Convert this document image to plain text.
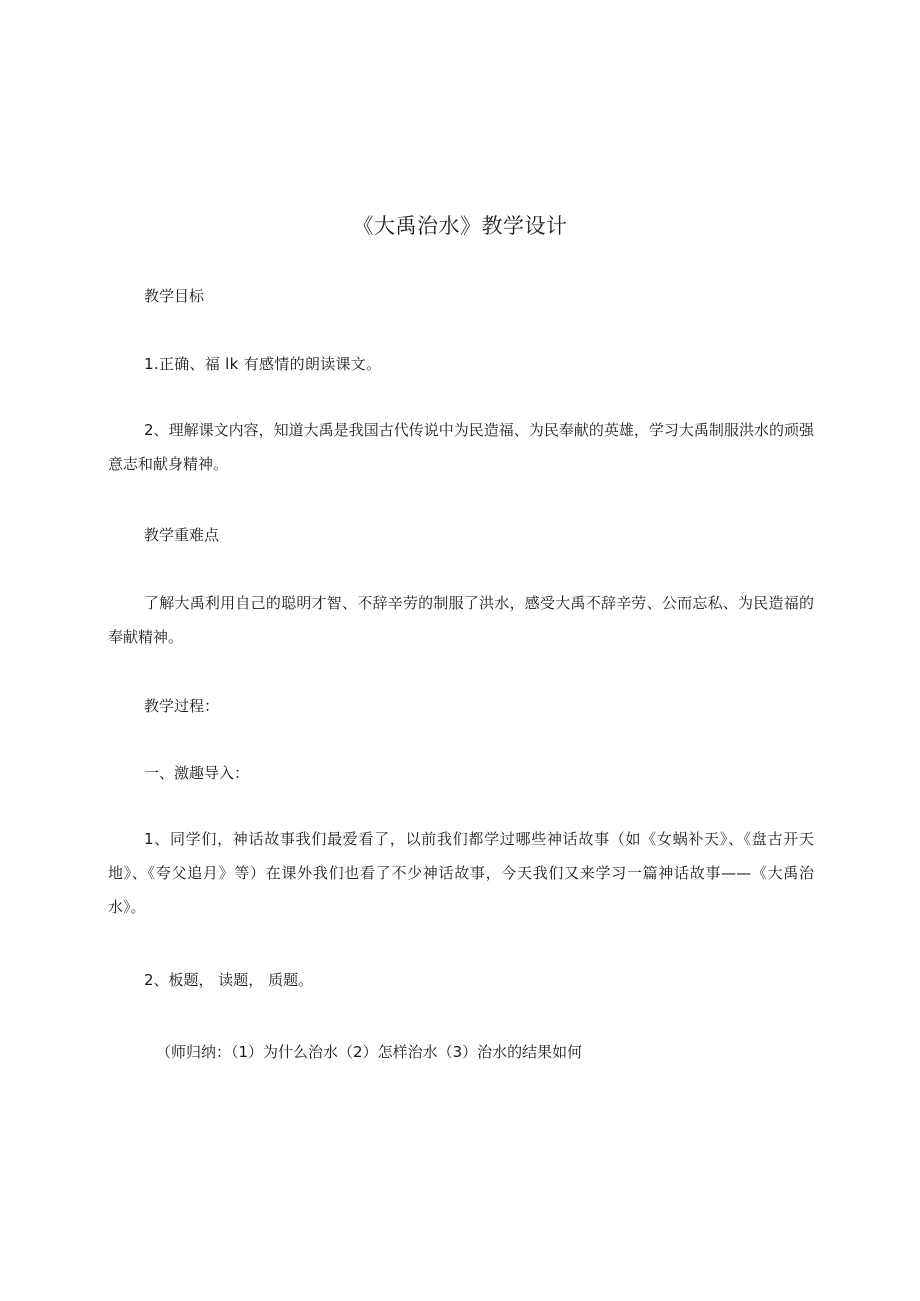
《大禹治水》教学设计
教学目标
1.正确、福 lk 有感情的朗读课文。
2、理解课文内容，知道大禹是我国古代传说中为民造福、为民奉献的英雄，学习大禹制服洪水的顽强意志和献身精神。
教学重难点
了解大禹利用自己的聪明才智、不辞辛劳的制服了洪水，感受大禹不辞辛劳、公而忘私、为民造福的奉献精神。
教学过程：
一、激趣导入：
1、同学们，神话故事我们最爱看了，以前我们都学过哪些神话故事（如《女蜗补天》、《盘古开天地》、《夸父追月》等）在课外我们也看了不少神话故事，今天我们又来学习一篇神话故事——《大禹治水》。
2、板题， 读题， 质题。
（师归纳：（1）为什么治水（2）怎样治水（3）治水的结果如何
